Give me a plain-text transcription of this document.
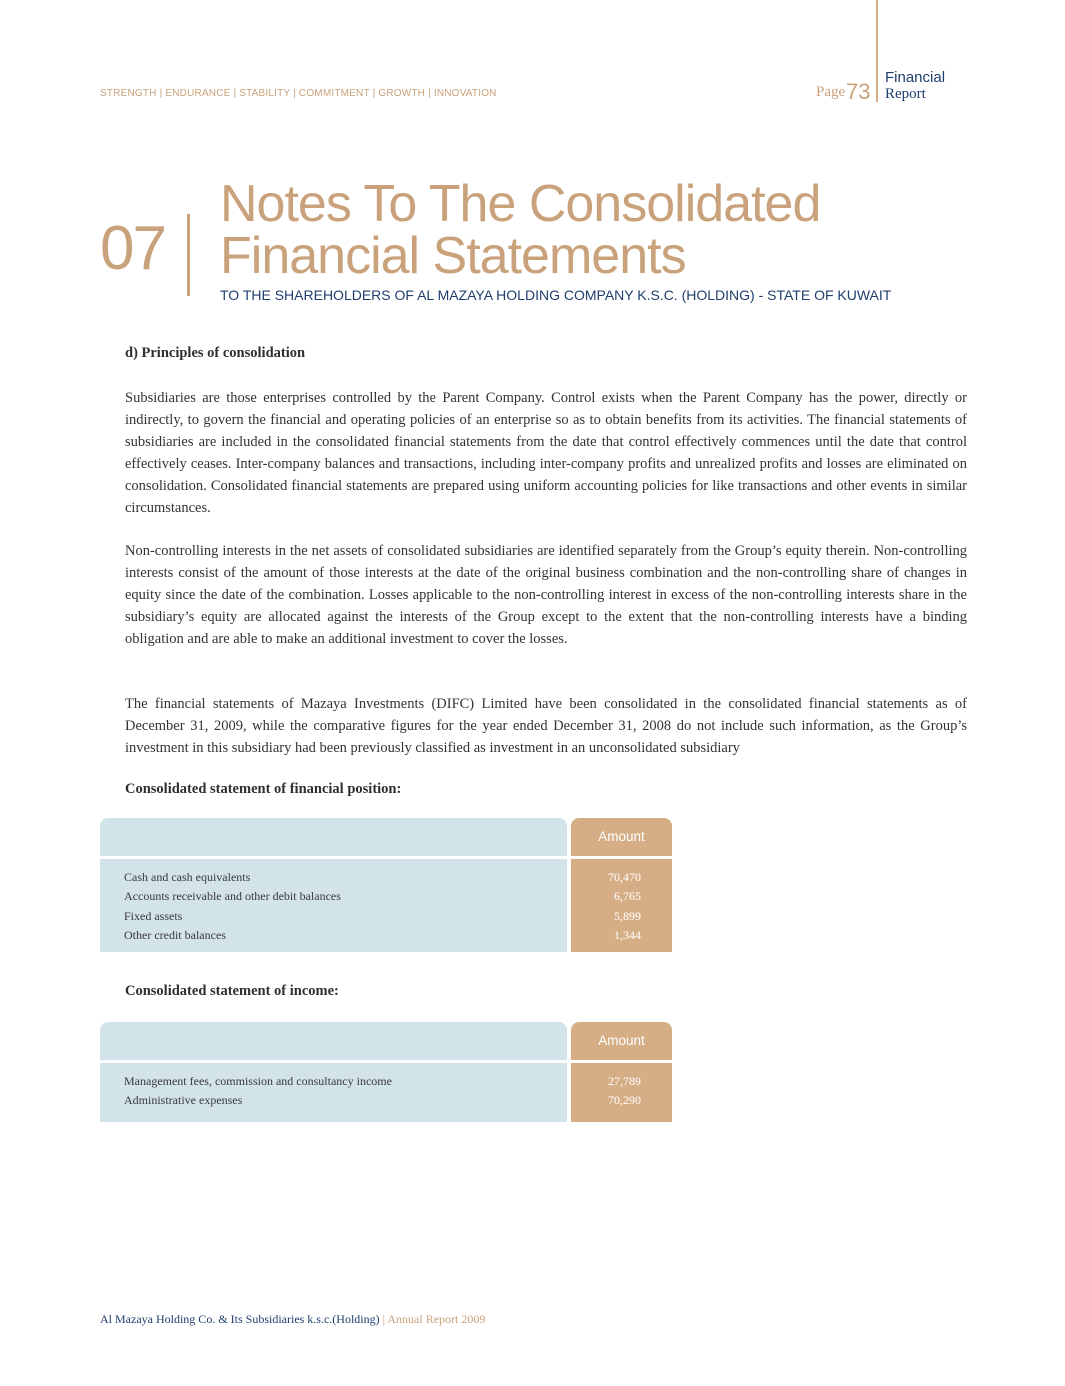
STRENGTH | ENDURANCE | STABILITY | COMMITMENT | GROWTH | INNOVATION	Page 73
Financial
Report
07
Notes To The Consolidated
Financial Statements
TO THE SHAREHOLDERS OF AL MAZAYA HOLDING COMPANY K.S.C. (HOLDING) - STATE OF KUWAIT
d) Principles of consolidation

Subsidiaries are those enterprises controlled by the Parent Company. Control exists when the Parent Company has the power, directly or indirectly, to govern the financial and operating policies of an enterprise so as to obtain benefits from its activities. The financial statements of subsidiaries are included in the consolidated financial statements from the date that control effectively commences until the date that control effectively ceases. Inter-company balances and transactions, including inter-company profits and unrealized profits and losses are eliminated on consolidation. Consolidated financial statements are prepared using uniform accounting policies for like transactions and other events in similar circumstances.

Non-controlling interests in the net assets of consolidated subsidiaries are identified separately from the Group’s equity therein. Non-controlling interests consist of the amount of those interests at the date of the original business combination and the non-controlling share of changes in equity since the date of the combination. Losses applicable to the non-controlling interest in excess of the non-controlling interests share in the subsidiary’s equity are allocated against the interests of the Group except to the extent that the non-controlling interests have a binding obligation and are able to make an additional investment to cover the losses.

The financial statements of Mazaya Investments (DIFC) Limited have been consolidated in the consolidated financial statements as of December 31, 2009, while the comparative figures for the year ended December 31, 2008 do not include such information, as the Group’s investment in this subsidiary had been previously classified as investment in an unconsolidated subsidiary

Consolidated statement of financial position:
Amount
Cash and cash equivalents
Accounts receivable and other debit balances
Fixed assets
Other credit balances
70,470
6,765
5,899
1,344
Consolidated statement of income:
Amount
Management fees, commission and consultancy income
Administrative expenses
27,789
70,290
Al Mazaya Holding Co. & Its Subsidiaries k.s.c.(Holding) | Annual Report 2009
